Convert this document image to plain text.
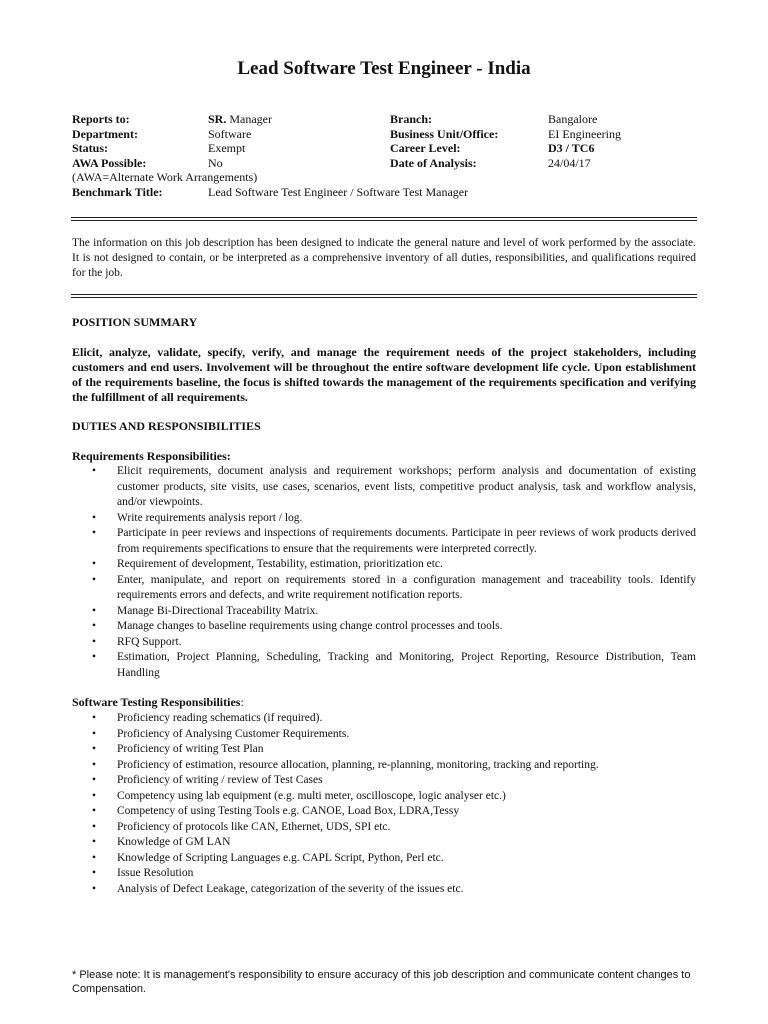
Lead Software Test Engineer - India
Reports to:	SR. Manager	Branch:	Bangalore
Department:	Software	Business Unit/Office:	EI Engineering
Status:	Exempt	Career Level:	D3 / TC6
AWA Possible:	No	Date of Analysis:	24/04/17
(AWA=Alternate Work Arrangements)
Benchmark Title:	Lead Software Test Engineer / Software Test Manager
The information on this job description has been designed to indicate the general nature and level of work performed by the associate. It is not designed to contain, or be interpreted as a comprehensive inventory of all duties, responsibilities, and qualifications required for the job.
POSITION SUMMARY
Elicit, analyze, validate, specify, verify, and manage the requirement needs of the project stakeholders, including customers and end users. Involvement will be throughout the entire software development life cycle. Upon establishment of the requirements baseline, the focus is shifted towards the management of the requirements specification and verifying the fulfillment of all requirements.
DUTIES AND RESPONSIBILITIES
Requirements Responsibilities:
• Elicit requirements, document analysis and requirement workshops; perform analysis and documentation of existing customer products, site visits, use cases, scenarios, event lists, competitive product analysis, task and workflow analysis, and/or viewpoints.
• Write requirements analysis report / log.
• Participate in peer reviews and inspections of requirements documents. Participate in peer reviews of work products derived from requirements specifications to ensure that the requirements were interpreted correctly.
• Requirement of development, Testability, estimation, prioritization etc.
• Enter, manipulate, and report on requirements stored in a configuration management and traceability tools. Identify requirements errors and defects, and write requirement notification reports.
• Manage Bi-Directional Traceability Matrix.
• Manage changes to baseline requirements using change control processes and tools.
• RFQ Support.
• Estimation, Project Planning, Scheduling, Tracking and Monitoring, Project Reporting, Resource Distribution, Team Handling
Software Testing Responsibilities:
• Proficiency reading schematics (if required).
• Proficiency of Analysing Customer Requirements.
• Proficiency of writing Test Plan
• Proficiency of estimation, resource allocation, planning, re-planning, monitoring, tracking and reporting.
• Proficiency of writing / review of Test Cases
• Competency using lab equipment (e.g. multi meter, oscilloscope, logic analyser etc.)
• Competency of using Testing Tools e.g. CANOE, Load Box, LDRA,Tessy
• Proficiency of protocols like CAN, Ethernet, UDS, SPI etc.
• Knowledge of GM LAN
• Knowledge of Scripting Languages e.g. CAPL Script, Python, Perl etc.
• Issue Resolution
• Analysis of Defect Leakage, categorization of the severity of the issues etc.
* Please note: It is management's responsibility to ensure accuracy of this job description and communicate content changes to Compensation.
